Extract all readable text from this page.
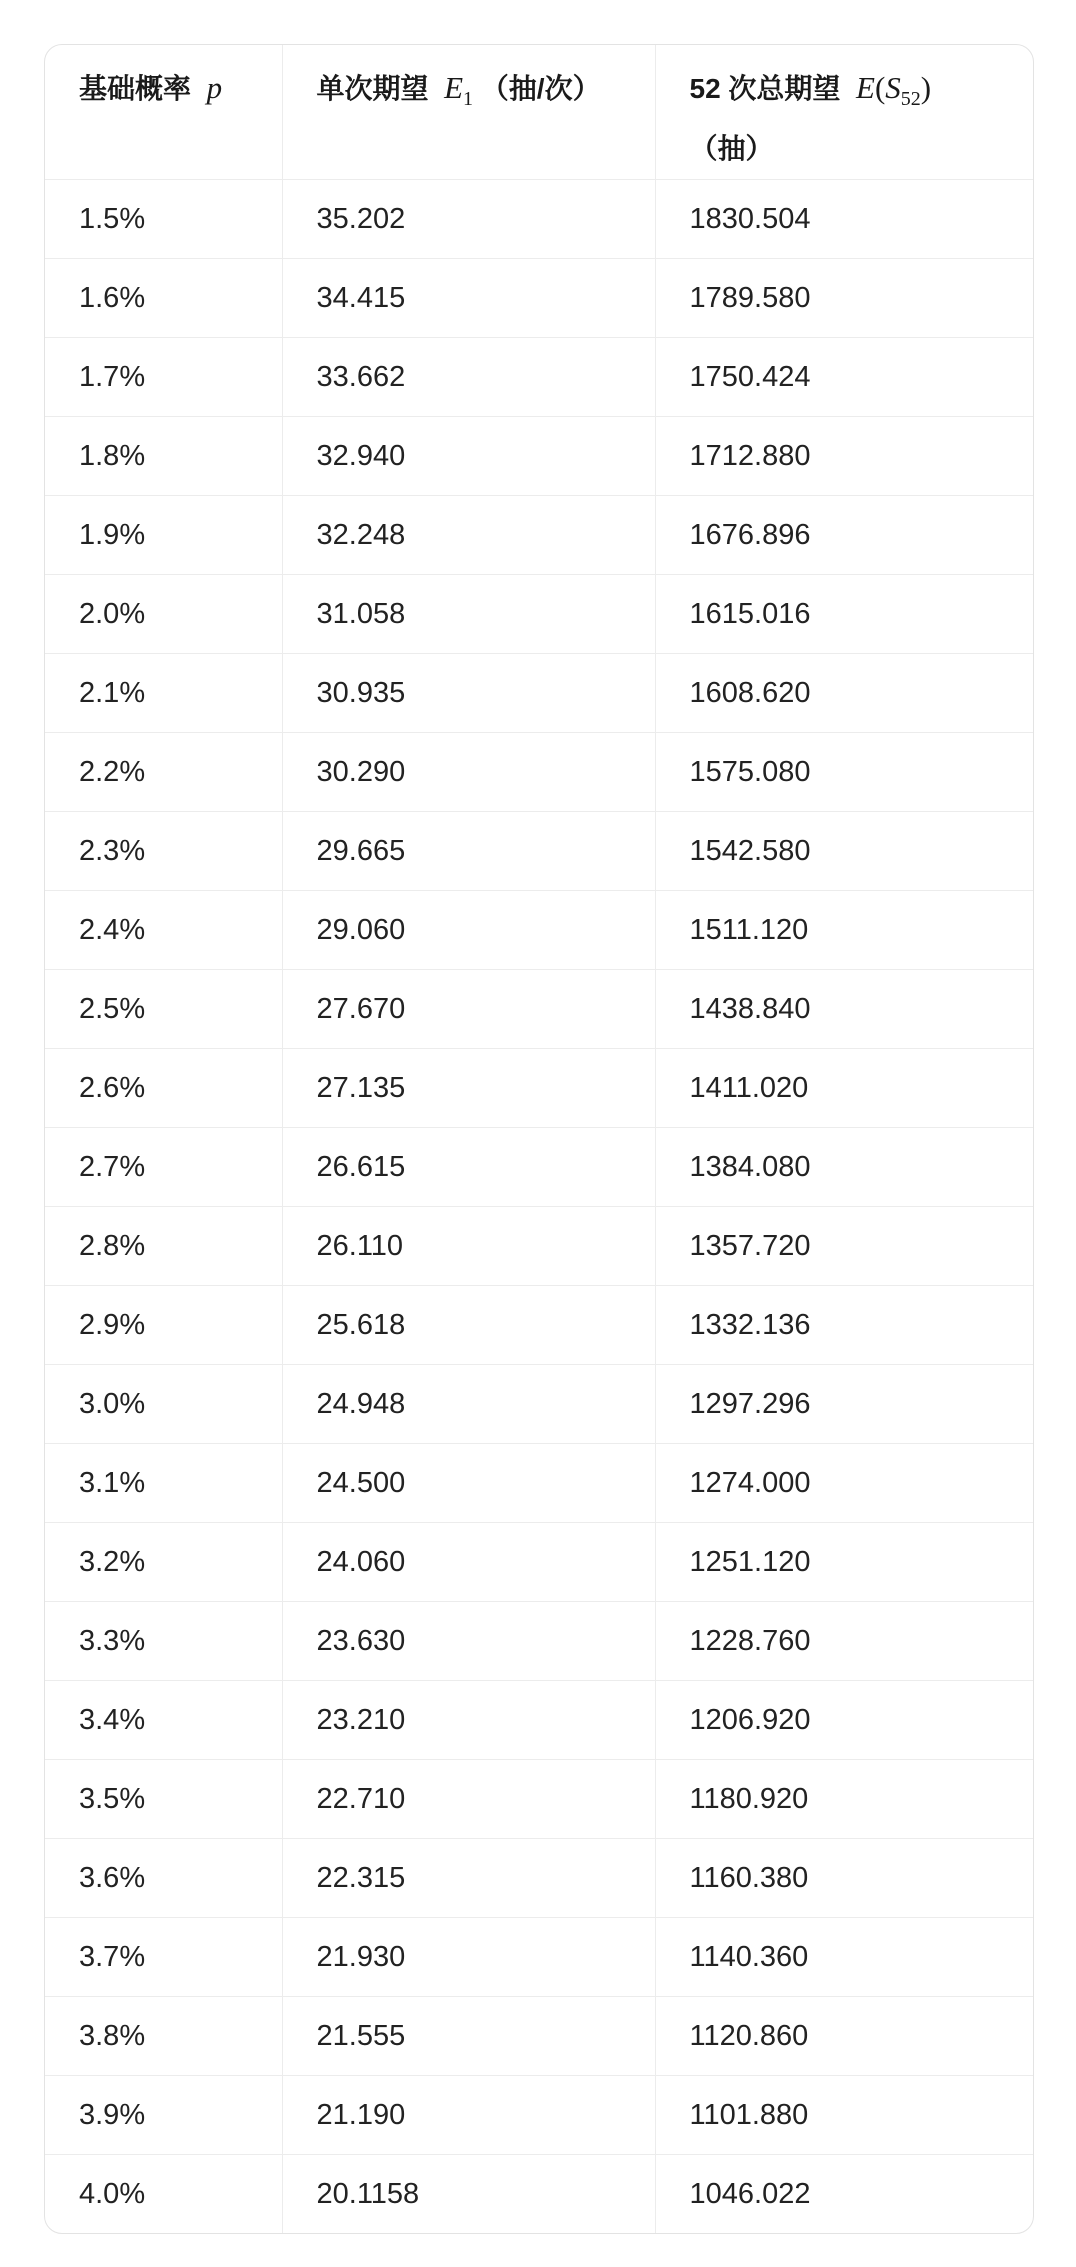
基础概率 p	单次期望 $E_1$ （抽/次）	52 次总期望 $E(S_{52})$
（抽）
1.5%	35.202	1830.504
1.6%	34.415	1789.580
1.7%	33.662	1750.424
1.8%	32.940	1712.880
1.9%	32.248	1676.896
2.0%	31.058	1615.016
2.1%	30.935	1608.620
2.2%	30.290	1575.080
2.3%	29.665	1542.580
2.4%	29.060	1511.120
2.5%	27.670	1438.840
2.6%	27.135	1411.020
2.7%	26.615	1384.080
2.8%	26.110	1357.720
2.9%	25.618	1332.136
3.0%	24.948	1297.296
3.1%	24.500	1274.000
3.2%	24.060	1251.120
3.3%	23.630	1228.760
3.4%	23.210	1206.920
3.5%	22.710	1180.920
3.6%	22.315	1160.380
3.7%	21.930	1140.360
3.8%	21.555	1120.860
3.9%	21.190	1101.880
4.0%	20.1158	1046.022
